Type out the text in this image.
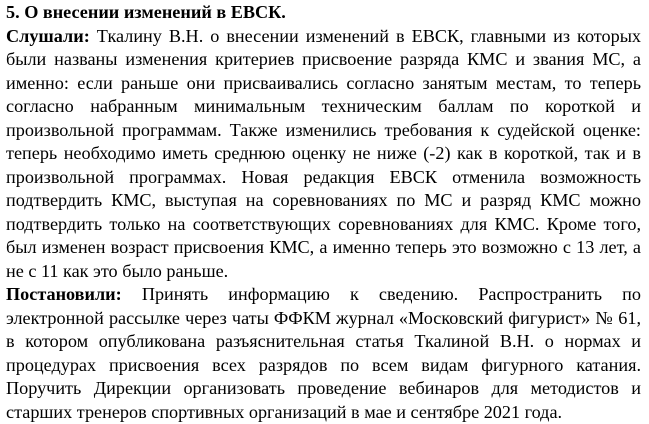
5. О внесении изменений в ЕВСК.

Слушали: Ткалину В.Н. о внесении изменений в ЕВСК, главными из которых были названы изменения критериев присвоение разряда КМС и звания МС, а именно: если раньше они присваивались согласно занятым местам, то теперь согласно набранным минимальным техническим баллам по короткой и произвольной программам. Также изменились требования к судейской оценке: теперь необходимо иметь среднюю оценку не ниже (-2) как в короткой, так и в произвольной программах. Новая редакция ЕВСК отменила возможность подтвердить КМС, выступая на соревнованиях по МС и разряд КМС можно подтвердить только на соответствующих соревнованиях для КМС. Кроме того, был изменен возраст присвоения КМС, а именно теперь это возможно с 13 лет, а не с 11 как это было раньше.

Постановили: Принять информацию к сведению. Распространить по электронной рассылке через чаты ФФКМ журнал «Московский фигурист» № 61, в котором опубликована разъяснительная статья Ткалиной В.Н. о нормах и процедурах присвоения всех разрядов по всем видам фигурного катания. Поручить Дирекции организовать проведение вебинаров для методистов и старших тренеров спортивных организаций в мае и сентябре 2021 года.
